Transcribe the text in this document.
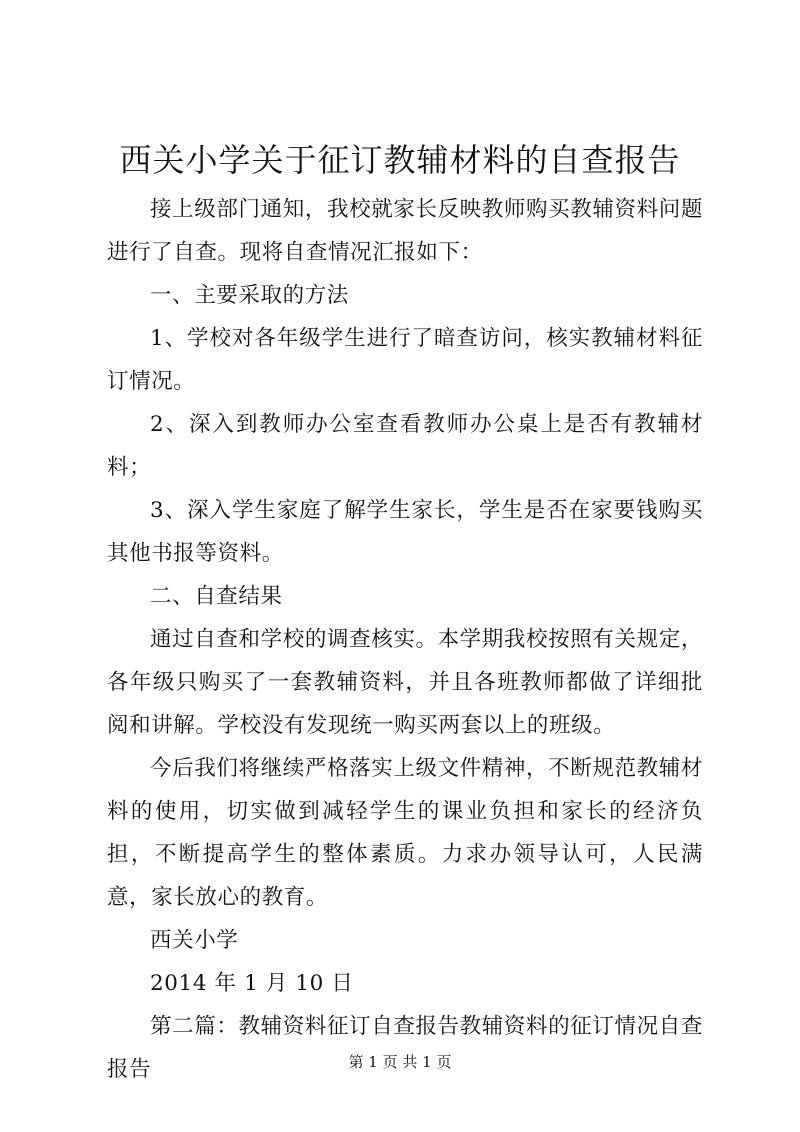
西关小学关于征订教辅材料的自查报告

接上级部门通知，我校就家长反映教师购买教辅资料问题进行了自查。现将自查情况汇报如下：

一、主要采取的方法

1、学校对各年级学生进行了暗查访问，核实教辅材料征订情况。

2、深入到教师办公室查看教师办公桌上是否有教辅材料；

3、深入学生家庭了解学生家长，学生是否在家要钱购买其他书报等资料。

二、自查结果

通过自查和学校的调查核实。本学期我校按照有关规定，各年级只购买了一套教辅资料，并且各班教师都做了详细批阅和讲解。学校没有发现统一购买两套以上的班级。

今后我们将继续严格落实上级文件精神，不断规范教辅材料的使用，切实做到减轻学生的课业负担和家长的经济负担，不断提高学生的整体素质。力求办领导认可，人民满意，家长放心的教育。

西关小学

2014 年 1 月 10 日

第二篇：教辅资料征订自查报告教辅资料的征订情况自查报告	第 1 页 共 1 页
